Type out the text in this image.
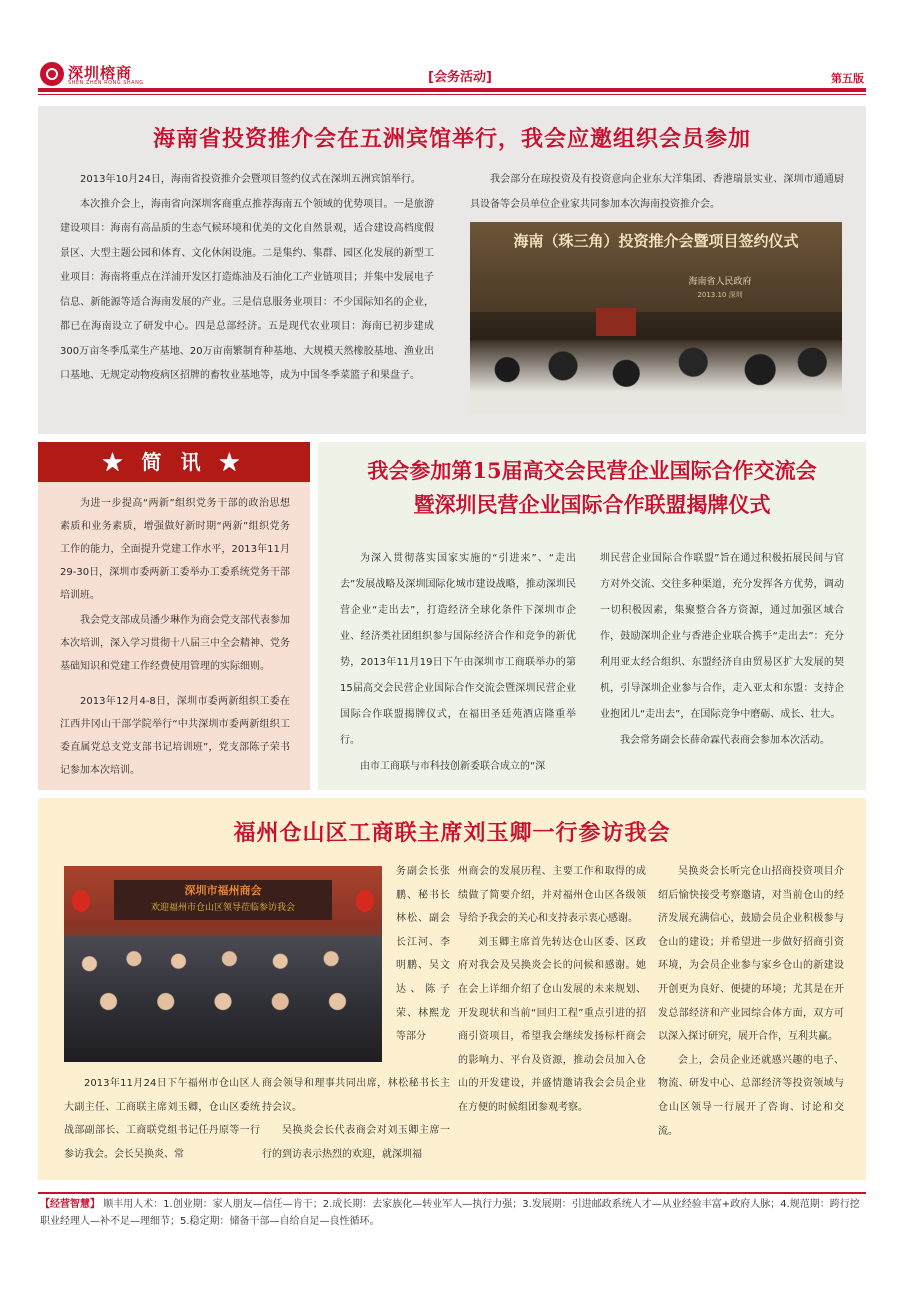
深圳榕商
SHEN ZHEN RONG SHANG	[会务活动]	第五版
海南省投资推介会在五洲宾馆举行，我会应邀组织会员参加

2013年10月24日，海南省投资推介会暨项目签约仪式在深圳五洲宾馆举行。

本次推介会上，海南省向深圳客商重点推荐海南五个领域的优势项目。一是旅游建设项目：海南有高品质的生态气候环境和优美的文化自然景观，适合建设高档度假景区、大型主题公园和体育、文化休闲设施。二是集约、集群、园区化发展的新型工业项目：海南将重点在洋浦开发区打造炼油及石油化工产业链项目；并集中发展电子信息、新能源等适合海南发展的产业。三是信息服务业项目：不少国际知名的企业，都已在海南设立了研发中心。四是总部经济。五是现代农业项目：海南已初步建成300万亩冬季瓜菜生产基地、20万亩南繁制育种基地、大规模天然橡胶基地、渔业出口基地、无规定动物疫病区招牌的畜牧业基地等，成为中国冬季菜篮子和果盘子。

我会部分在琼投资及有投资意向企业东大洋集团、香港瑞景实业、深圳市通通厨具设备等会员单位企业家共同参加本次海南投资推介会。

海南（珠三角）投资推介会暨项目签约仪式
海南省人民政府
2013.10 深圳
★ 简 讯 ★

为进一步提高“两新”组织党务干部的政治思想素质和业务素质，增强做好新时期“两新”组织党务工作的能力，全面提升党建工作水平，2013年11月29-30日，深圳市委两新工委举办工委系统党务干部培训班。

我会党支部成员潘少琳作为商会党支部代表参加本次培训，深入学习贯彻十八届三中全会精神、党务基础知识和党建工作经费使用管理的实际细则。

2013年12月4-8日，深圳市委两新组织工委在江西井冈山干部学院举行“中共深圳市委两新组织工委直属党总支党支部书记培训班”，党支部陈子荣书记参加本次培训。

我会参加第15届高交会民营企业国际合作交流会
暨深圳民营企业国际合作联盟揭牌仪式

为深入贯彻落实国家实施的“引进来”、“走出去”发展战略及深圳国际化城市建设战略，推动深圳民营企业“走出去”，打造经济全球化条件下深圳市企业、经济类社团组织参与国际经济合作和竞争的新优势，2013年11月19日下午由深圳市工商联举办的第15届高交会民营企业国际合作交流会暨深圳民营企业国际合作联盟揭牌仪式，在福田圣廷苑酒店隆重举行。

由市工商联与市科技创新委联合成立的“深

圳民营企业国际合作联盟”旨在通过积极拓展民间与官方对外交流、交往多种渠道，充分发挥各方优势，调动一切积极因素，集聚整合各方资源，通过加强区域合作，鼓励深圳企业与香港企业联合携手“走出去”：充分利用亚太经合组织、东盟经济自由贸易区扩大发展的契机，引导深圳企业参与合作，走入亚太和东盟：支持企业抱团儿“走出去”，在国际竞争中磨砺、成长、壮大。

我会常务副会长薛命霖代表商会参加本次活动。

福州仓山区工商联主席刘玉卿一行参访我会
深圳市福州商会
欢迎福州市仓山区领导莅临参访我会

务副会长张鹏、秘书长林松、副会长江河、李明鹏、吴文达、陈子荣、林熙龙等部分

2013年11月24日下午福州市仓山区人大副主任、工商联主席刘玉卿，仓山区委统战部副部长、工商联党组书记任丹原等一行参访我会。会长吴换炎、常

商会领导和理事共同出席，林松秘书长主持会议。

吴换炎会长代表商会对刘玉卿主席一行的到访表示热烈的欢迎，就深圳福

州商会的发展历程、主要工作和取得的成绩做了简要介绍，并对福州仓山区各级领导给予我会的关心和支持表示衷心感谢。

刘玉卿主席首先转达仓山区委、区政府对我会及吴换炎会长的问候和感谢。她在会上详细介绍了仓山发展的未来规划、开发现状和当前“回归工程”重点引进的招商引资项目，希望我会继续发扬标杆商会的影响力、平台及资源，推动会员加入仓山的开发建设，并盛情邀请我会会员企业在方便的时候组团参观考察。

吴换炎会长听完仓山招商投资项目介绍后愉快接受考察邀请，对当前仓山的经济发展充满信心，鼓励会员企业积极参与仓山的建设；并希望进一步做好招商引资环境，为会员企业参与家乡仓山的新建设开创更为良好、便捷的环境；尤其是在开发总部经济和产业园综合体方面，双方可以深入探讨研究，展开合作，互利共赢。

会上，会员企业还就感兴趣的电子、物流、研发中心、总部经济等投资领域与仓山区领导一行展开了咨询、讨论和交流。

【经营智慧】 顺丰用人术：1.创业期：家人朋友—信任—肯干；2.成长期：去家族化—转业军人—执行力强；3.发展期：引进邮政系统人才—从业经验丰富+政府人脉；4.规范期：跨行挖职业经理人—补不足—理细节；5.稳定期：储备干部—自给自足—良性循环。
